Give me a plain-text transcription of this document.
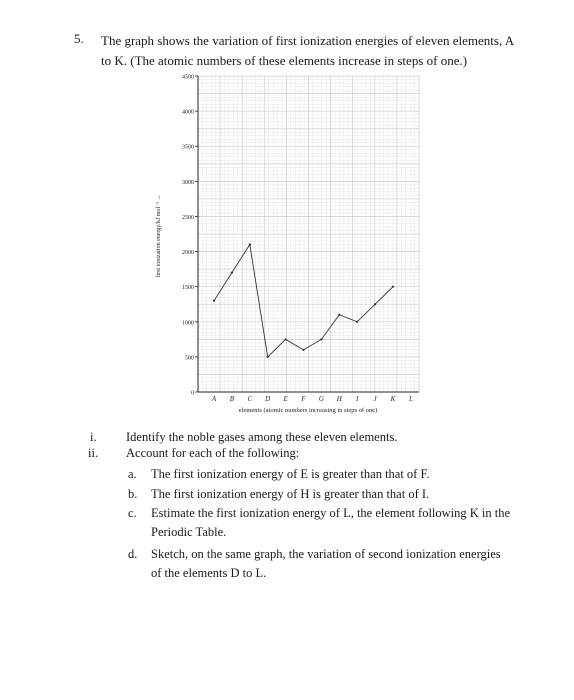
5. The graph shows the variation of first ionization energies of eleven elements, A to K. (The atomic numbers of these elements increase in steps of one.)
0
500
1000
1500
2000
2500
3000
3500
4000
4500
A B C D E F G H I J K L
first ionization energy/kJ mol⁻¹ →
elements (atomic numbers increasing in steps of one)
i. Identify the noble gases among these eleven elements.
ii. Account for each of the following:
a. The first ionization energy of E is greater than that of F.
b. The first ionization energy of H is greater than that of I.
c. Estimate the first ionization energy of L, the element following K in the Periodic Table.
d. Sketch, on the same graph, the variation of second ionization energies of the elements D to L.
